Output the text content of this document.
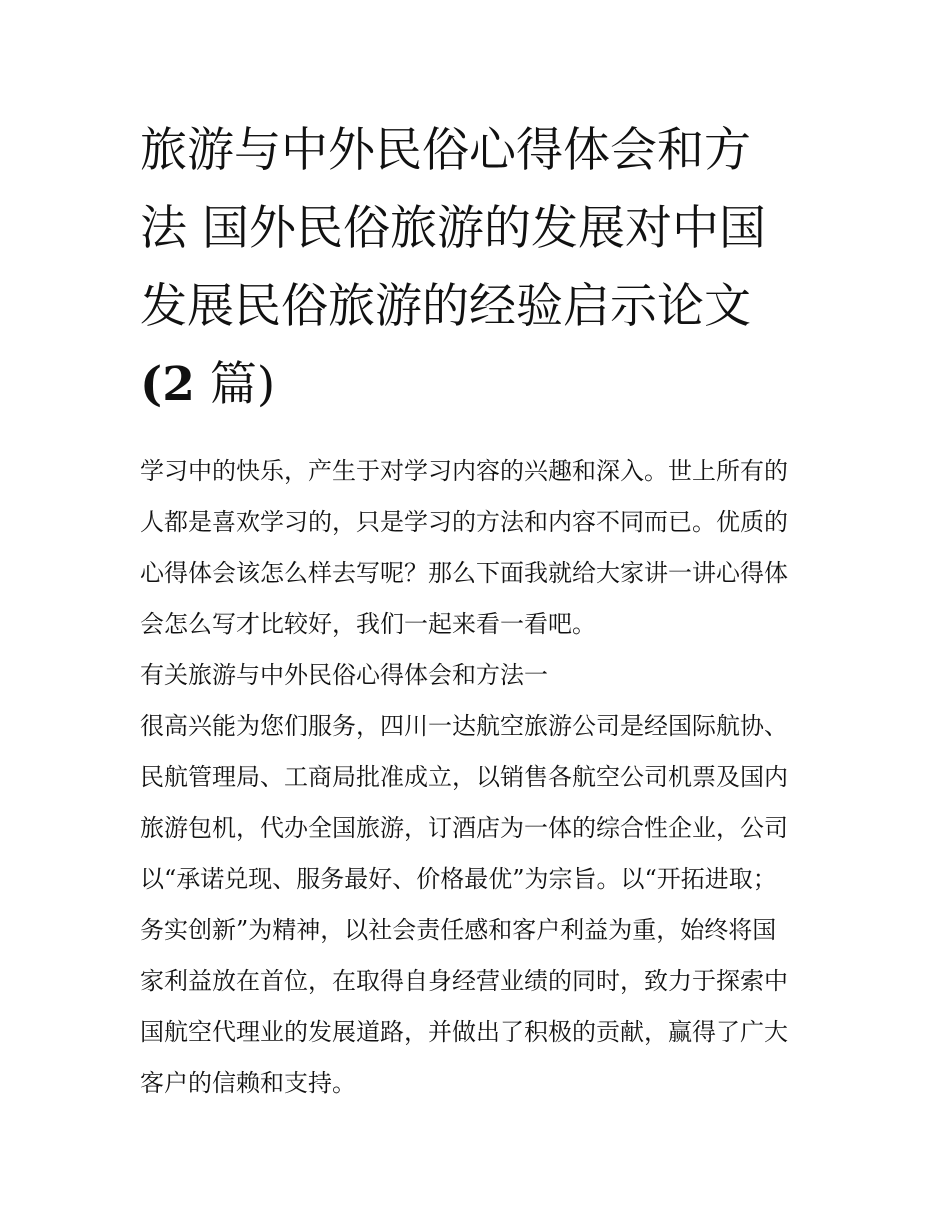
旅游与中外民俗心得体会和方
法 国外民俗旅游的发展对中国
发展民俗旅游的经验启示论文
(2 篇)
学习中的快乐，产生于对学习内容的兴趣和深入。世上所有的
人都是喜欢学习的，只是学习的方法和内容不同而已。优质的
心得体会该怎么样去写呢？那么下面我就给大家讲一讲心得体
会怎么写才比较好，我们一起来看一看吧。
有关旅游与中外民俗心得体会和方法一
很高兴能为您们服务，四川一达航空旅游公司是经国际航协、
民航管理局、工商局批准成立，以销售各航空公司机票及国内
旅游包机，代办全国旅游，订酒店为一体的综合性企业，公司
以“承诺兑现、服务最好、价格最优”为宗旨。以“开拓进取；
务实创新”为精神，以社会责任感和客户利益为重，始终将国
家利益放在首位，在取得自身经营业绩的同时，致力于探索中
国航空代理业的发展道路，并做出了积极的贡献，赢得了广大
客户的信赖和支持。
